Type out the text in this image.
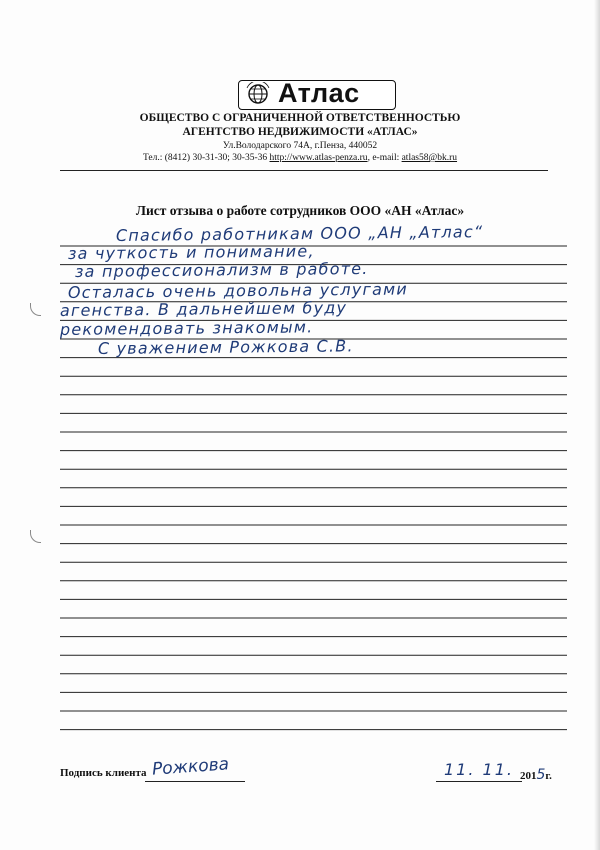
Атлас
ОБЩЕСТВО С ОГРАНИЧЕННОЙ ОТВЕТСТВЕННОСТЬЮ
АГЕНТСТВО НЕДВИЖИМОСТИ «АТЛАС»
Ул.Володарского 74А, г.Пенза, 440052
Тел.: (8412) 30-31-30; 30-35-36 http://www.atlas-penza.ru, e-mail: atlas58@bk.ru
Лист отзыва о работе сотрудников ООО «АН «Атлас»
Спасибо работникам ООО „АН „Атлас“
за чуткость и понимание,
за профессионализм в работе.
Осталась очень довольна услугами
агенства. В дальнейшем буду
рекомендовать знакомым.
С уважением Рожкова С.В.
Подпись клиента Рожкова	11. 11. 2015г.
